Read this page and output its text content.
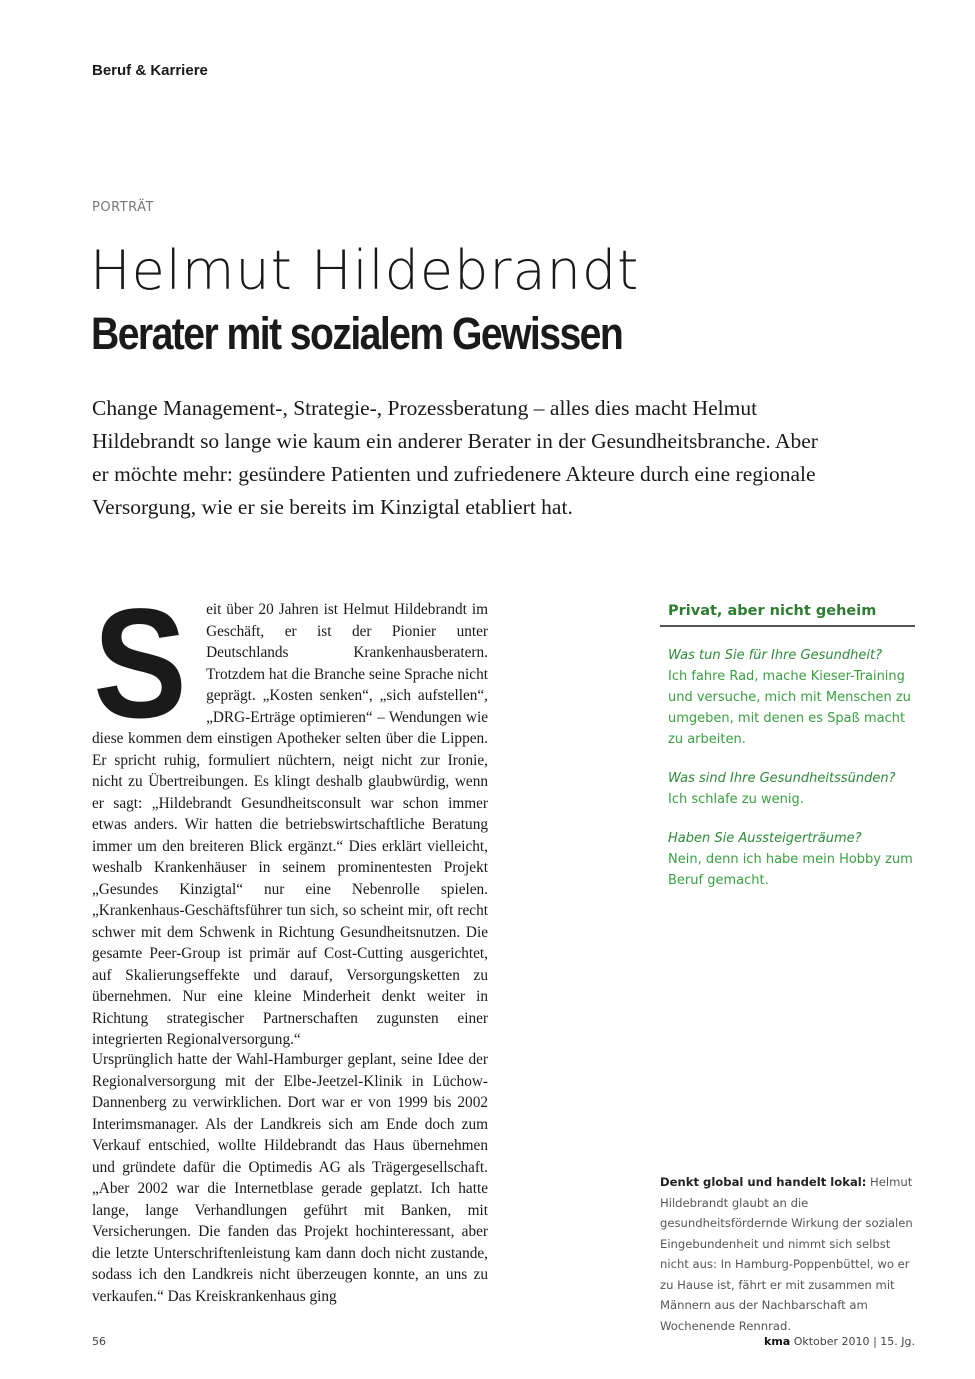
Beruf & Karriere
PORTRÄT
Helmut Hildebrandt
Berater mit sozialem Gewissen

Change Management-, Strategie-, Prozessberatung – alles dies macht Helmut Hildebrandt so lange wie kaum ein anderer Berater in der Gesundheitsbranche. Aber er möchte mehr: gesündere Patienten und zufriedenere Akteure durch eine regionale Versorgung, wie er sie bereits im Kinzigtal etabliert hat.

S eit über 20 Jahren ist Helmut Hildebrandt im Geschäft, er ist der Pionier unter Deutschlands Krankenhausberatern. Trotzdem hat die Branche seine Sprache nicht geprägt. „Kosten senken“, „sich aufstellen“, „DRG-Erträge optimieren“ – Wendungen wie diese kommen dem einstigen Apotheker selten über die Lippen. Er spricht ruhig, formuliert nüchtern, neigt nicht zur Ironie, nicht zu Übertreibungen. Es klingt deshalb glaubwürdig, wenn er sagt: „Hildebrandt Gesundheitsconsult war schon immer etwas anders. Wir hatten die betriebswirtschaftliche Beratung immer um den breiteren Blick ergänzt.“ Dies erklärt vielleicht, weshalb Krankenhäuser in seinem prominentesten Projekt „Gesundes Kinzigtal“ nur eine Nebenrolle spielen. „Krankenhaus-Geschäftsführer tun sich, so scheint mir, oft recht schwer mit dem Schwenk in Richtung Gesundheitsnutzen. Die gesamte Peer-Group ist primär auf Cost-Cutting ausgerichtet, auf Skalierungseffekte und darauf, Versorgungsketten zu übernehmen. Nur eine kleine Minderheit denkt weiter in Richtung strategischer Partnerschaften zugunsten einer integrierten Regionalversorgung.“
Ursprünglich hatte der Wahl-Hamburger geplant, seine Idee der Regionalversorgung mit der Elbe-Jeetzel-Klinik in Lüchow-Dannenberg zu verwirklichen. Dort war er von 1999 bis 2002 Interimsmanager. Als der Landkreis sich am Ende doch zum Verkauf entschied, wollte Hildebrandt das Haus übernehmen und gründete dafür die Optimedis AG als Trägergesellschaft. „Aber 2002 war die Internetblase gerade geplatzt. Ich hatte lange, lange Verhandlungen geführt mit Banken, mit Versicherungen. Die fanden das Projekt hochinteressant, aber die letzte Unterschriftenleistung kam dann doch nicht zustande, sodass ich den Landkreis nicht überzeugen konnte, an uns zu verkaufen.“ Das Kreiskrankenhaus ging
Privat, aber nicht geheim
Was tun Sie für Ihre Gesundheit?
Ich fahre Rad, mache Kieser-Training und versuche, mich mit Menschen zu umgeben, mit denen es Spaß macht zu arbeiten.
Was sind Ihre Gesundheitssünden?
Ich schlafe zu wenig.
Haben Sie Aussteigerträume?
Nein, denn ich habe mein Hobby zum Beruf gemacht.
Denkt global und handelt lokal: Helmut Hildebrandt glaubt an die gesundheitsfördernde Wirkung der sozialen Eingebundenheit und nimmt sich selbst nicht aus: In Hamburg-Poppenbüttel, wo er zu Hause ist, fährt er mit zusammen mit Männern aus der Nachbarschaft am Wochenende Rennrad.
56	kma Oktober 2010 | 15. Jg.
